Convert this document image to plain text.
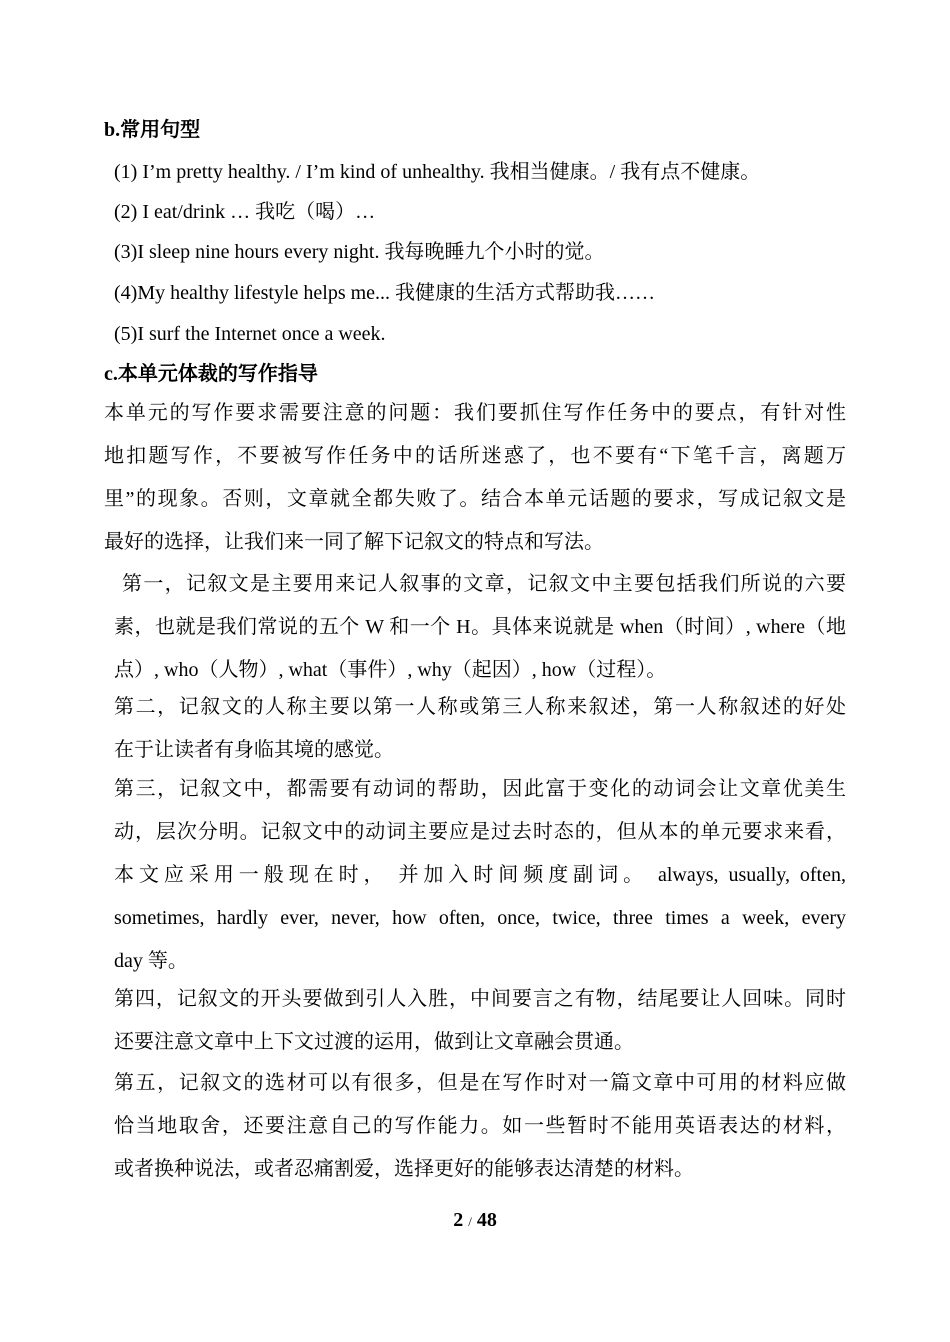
b.常用句型
(1) I’m pretty healthy. / I’m kind of unhealthy. 我相当健康。/ 我有点不健康。
(2) I eat/drink … 我吃（喝）…
(3)I sleep nine hours every night. 我每晚睡九个小时的觉。
(4)My healthy lifestyle helps me... 我健康的生活方式帮助我……
(5)I surf the Internet once a week.
c.本单元体裁的写作指导
本单元的写作要求需要注意的问题：我们要抓住写作任务中的要点，有针对性
地扣题写作，不要被写作任务中的话所迷惑了，也不要有“下笔千言，离题万
里”的现象。否则，文章就全都失败了。结合本单元话题的要求，写成记叙文是
最好的选择，让我们来一同了解下记叙文的特点和写法。
第一，记叙文是主要用来记人叙事的文章，记叙文中主要包括我们所说的六要
素，也就是我们常说的五个 W 和一个 H。具体来说就是 when（时间）, where（地
点）, who（人物）, what（事件）, why（起因）, how（过程）。
第二，记叙文的人称主要以第一人称或第三人称来叙述，第一人称叙述的好处
在于让读者有身临其境的感觉。
第三，记叙文中，都需要有动词的帮助，因此富于变化的动词会让文章优美生
动，层次分明。记叙文中的动词主要应是过去时态的，但从本的单元要求来看，
本文应采用一般现在时， 并加入时间频度副词。 always, usually, often,
sometimes, hardly ever, never, how often, once, twice, three times a week, every
day 等。
第四，记叙文的开头要做到引人入胜，中间要言之有物，结尾要让人回味。同时
还要注意文章中上下文过渡的运用，做到让文章融会贯通。
第五，记叙文的选材可以有很多，但是在写作时对一篇文章中可用的材料应做
恰当地取舍，还要注意自己的写作能力。如一些暂时不能用英语表达的材料，
或者换种说法，或者忍痛割爱，选择更好的能够表达清楚的材料。
2 / 48
